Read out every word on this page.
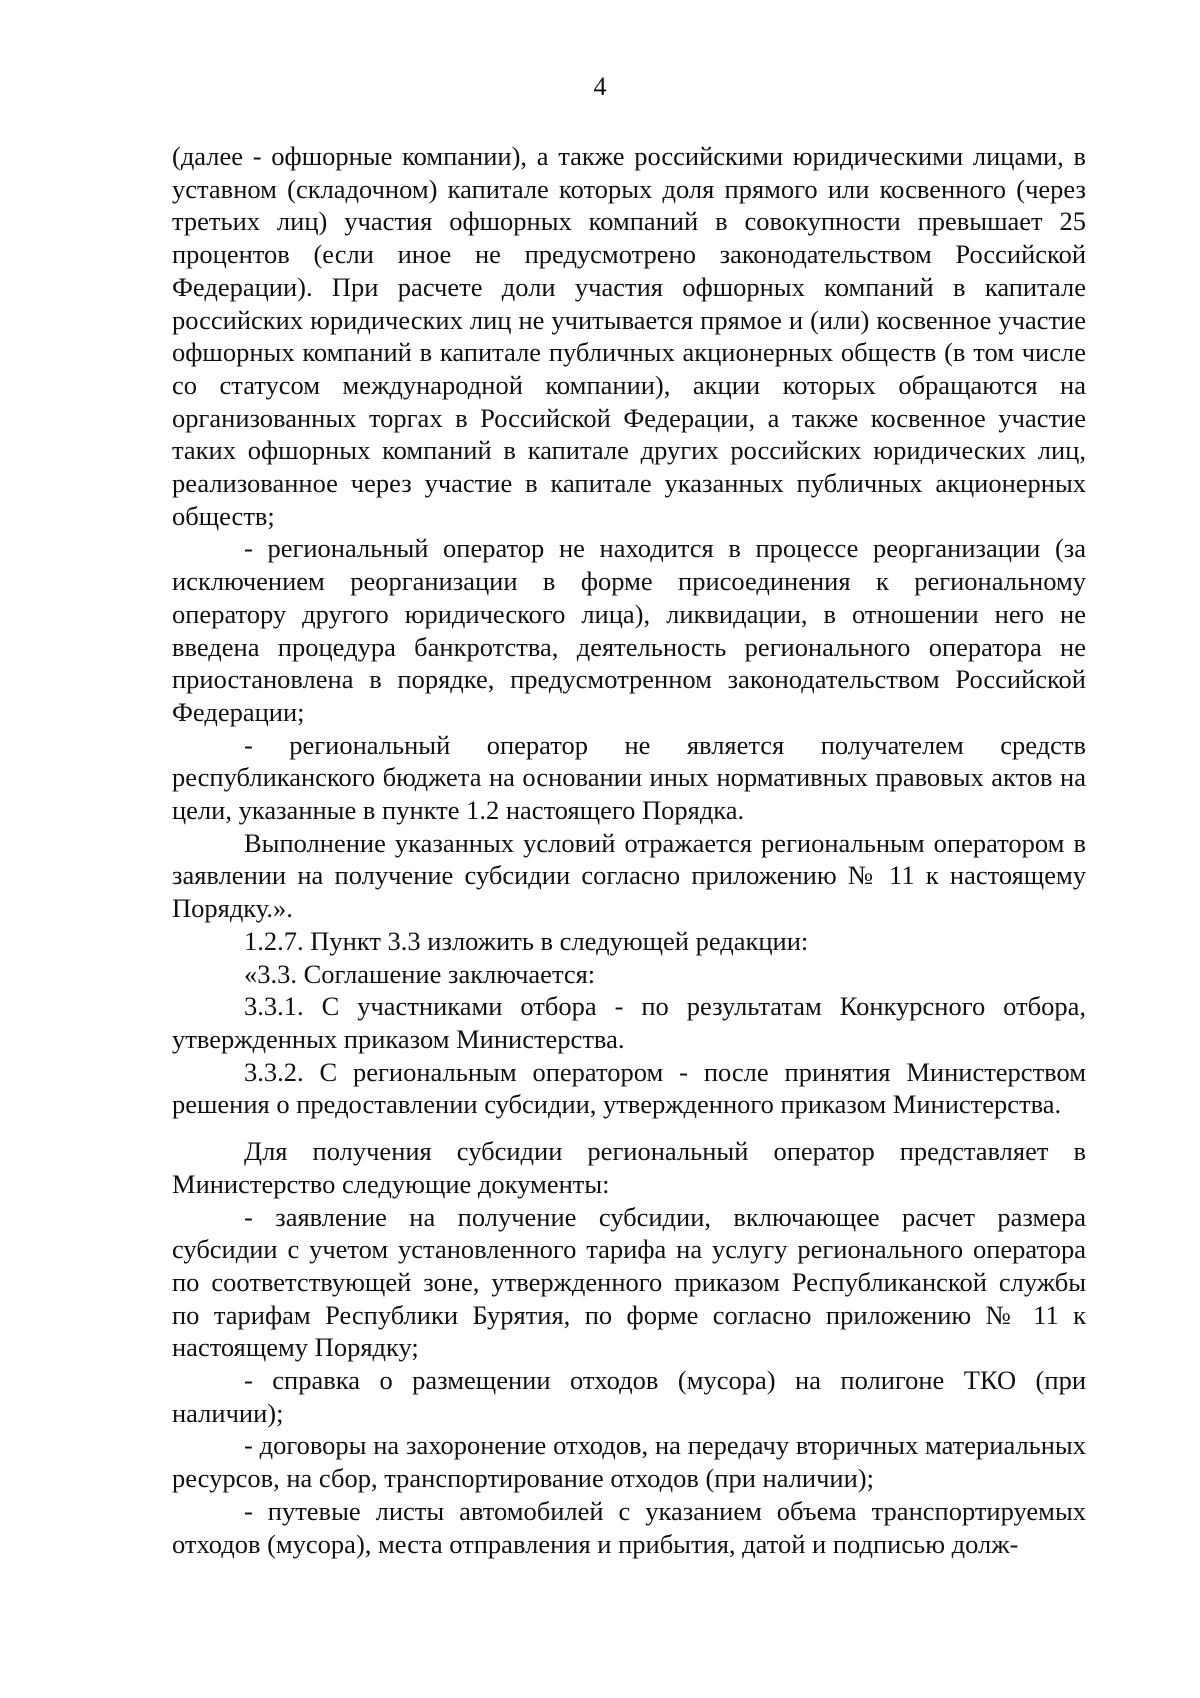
4

(далее - офшорные компании), а также российскими юридическими лицами, в уставном (складочном) капитале которых доля прямого или косвенного (через третьих лиц) участия офшорных компаний в совокупности превышает 25 процентов (если иное не предусмотрено законодательством Российской Федерации). При расчете доли участия офшорных компаний в капитале российских юридических лиц не учитывается прямое и (или) косвенное участие офшорных компаний в капитале публичных акционерных обществ (в том числе со статусом международной компании), акции которых обращаются на организованных торгах в Российской Федерации, а также косвенное участие таких офшорных компаний в капитале других российских юридических лиц, реализованное через участие в капитале указанных публичных акционерных обществ;

- региональный оператор не находится в процессе реорганизации (за исключением реорганизации в форме присоединения к региональному оператору другого юридического лица), ликвидации, в отношении него не введена процедура банкротства, деятельность регионального оператора не приостановлена в порядке, предусмотренном законодательством Российской Федерации;

- региональный оператор не является получателем средств республиканского бюджета на основании иных нормативных правовых актов на цели, указанные в пункте 1.2 настоящего Порядка.

Выполнение указанных условий отражается региональным оператором в заявлении на получение субсидии согласно приложению № 11 к настоящему Порядку.».

1.2.7. Пункт 3.3 изложить в следующей редакции:

«3.3. Соглашение заключается:

3.3.1. С участниками отбора - по результатам Конкурсного отбора, утвержденных приказом Министерства.

3.3.2. С региональным оператором - после принятия Министерством решения о предоставлении субсидии, утвержденного приказом Министерства.

Для получения субсидии региональный оператор представляет в Министерство следующие документы:

- заявление на получение субсидии, включающее расчет размера субсидии с учетом установленного тарифа на услугу регионального оператора по соответствующей зоне, утвержденного приказом Республиканской службы по тарифам Республики Бурятия, по форме согласно приложению № 11 к настоящему Порядку;

- справка о размещении отходов (мусора) на полигоне ТКО (при наличии);

- договоры на захоронение отходов, на передачу вторичных материальных ресурсов, на сбор, транспортирование отходов (при наличии);

- путевые листы автомобилей с указанием объема транспортируемых отходов (мусора), места отправления и прибытия, датой и подписью долж-
